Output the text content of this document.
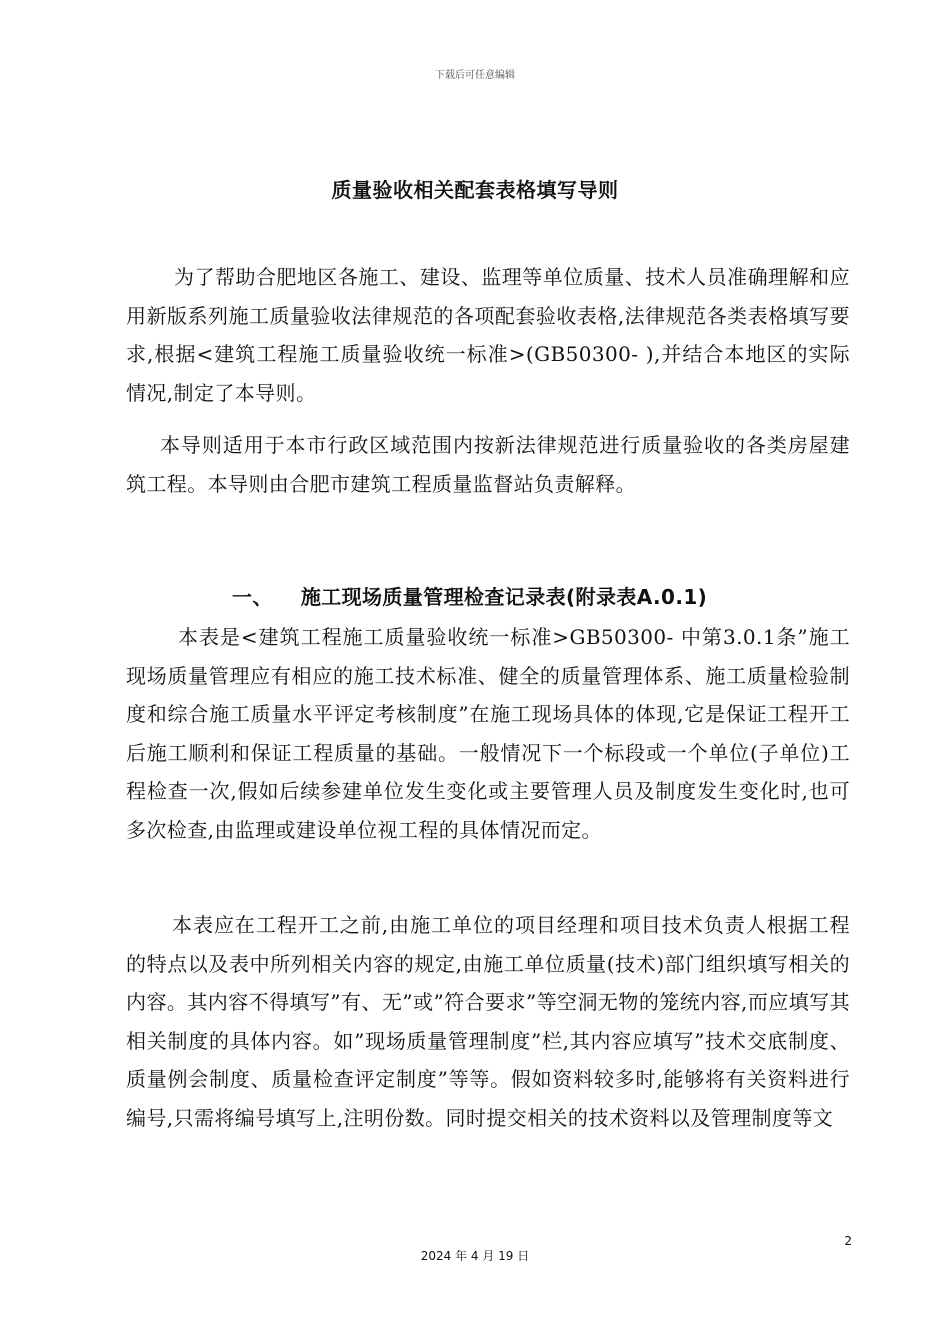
下载后可任意编辑
质量验收相关配套表格填写导则

为了帮助合肥地区各施工、建设、监理等单位质量、技术人员准确理解和应用新版系列施工质量验收法律规范的各项配套验收表格,法律规范各类表格填写要求,根据<建筑工程施工质量验收统一标准>(GB50300- ),并结合本地区的实际情况,制定了本导则。

本导则适用于本市行政区域范围内按新法律规范进行质量验收的各类房屋建筑工程。本导则由合肥市建筑工程质量监督站负责解释。

一、 施工现场质量管理检查记录表(附录表A.0.1)

本表是<建筑工程施工质量验收统一标准>GB50300- 中第3.0.1条”施工现场质量管理应有相应的施工技术标准、健全的质量管理体系、施工质量检验制度和综合施工质量水平评定考核制度”在施工现场具体的体现,它是保证工程开工后施工顺利和保证工程质量的基础。一般情况下一个标段或一个单位(子单位)工程检查一次,假如后续参建单位发生变化或主要管理人员及制度发生变化时,也可多次检查,由监理或建设单位视工程的具体情况而定。

本表应在工程开工之前,由施工单位的项目经理和项目技术负责人根据工程的特点以及表中所列相关内容的规定,由施工单位质量(技术)部门组织填写相关的内容。其内容不得填写”有、无”或”符合要求”等空洞无物的笼统内容,而应填写其相关制度的具体内容。如”现场质量管理制度”栏,其内容应填写”技术交底制度、质量例会制度、质量检查评定制度”等等。假如资料较多时,能够将有关资料进行编号,只需将编号填写上,注明份数。同时提交相关的技术资料以及管理制度等文

2
2024 年 4 月 19 日
